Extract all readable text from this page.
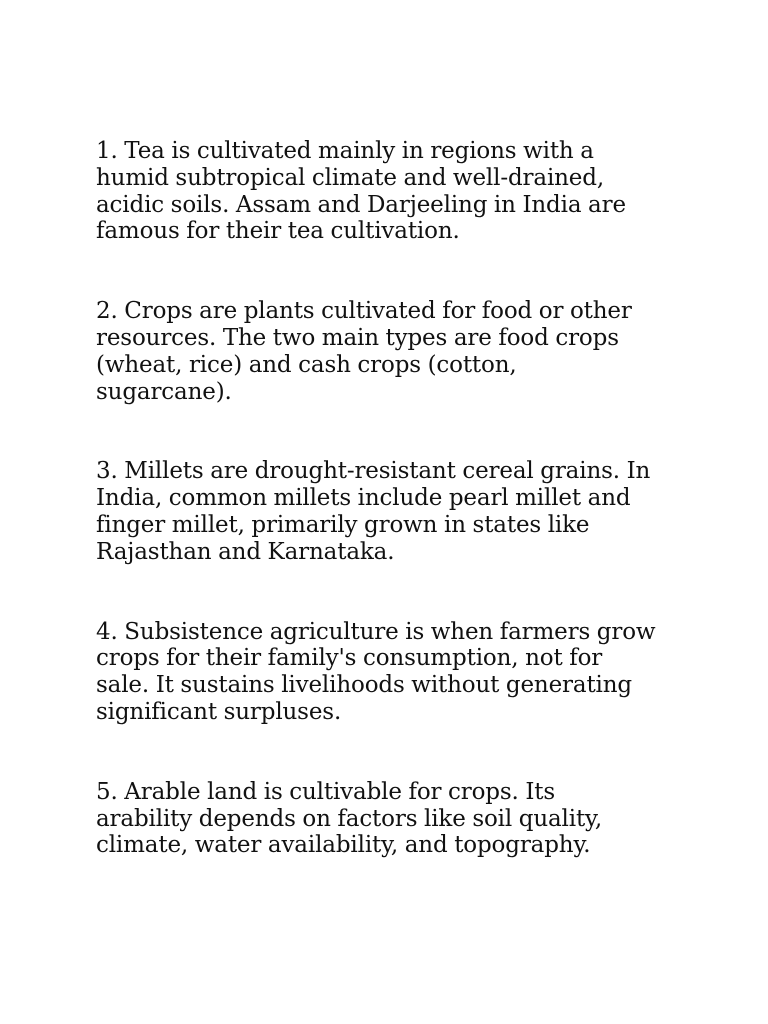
1. Tea is cultivated mainly in regions with a humid subtropical climate and well-drained, acidic soils. Assam and Darjeeling in India are famous for their tea cultivation.

2. Crops are plants cultivated for food or other resources. The two main types are food crops (wheat, rice) and cash crops (cotton, sugarcane).

3. Millets are drought-resistant cereal grains. In India, common millets include pearl millet and finger millet, primarily grown in states like Rajasthan and Karnataka.

4. Subsistence agriculture is when farmers grow crops for their family's consumption, not for sale. It sustains livelihoods without generating significant surpluses.

5. Arable land is cultivable for crops. Its arability depends on factors like soil quality, climate, water availability, and topography.
